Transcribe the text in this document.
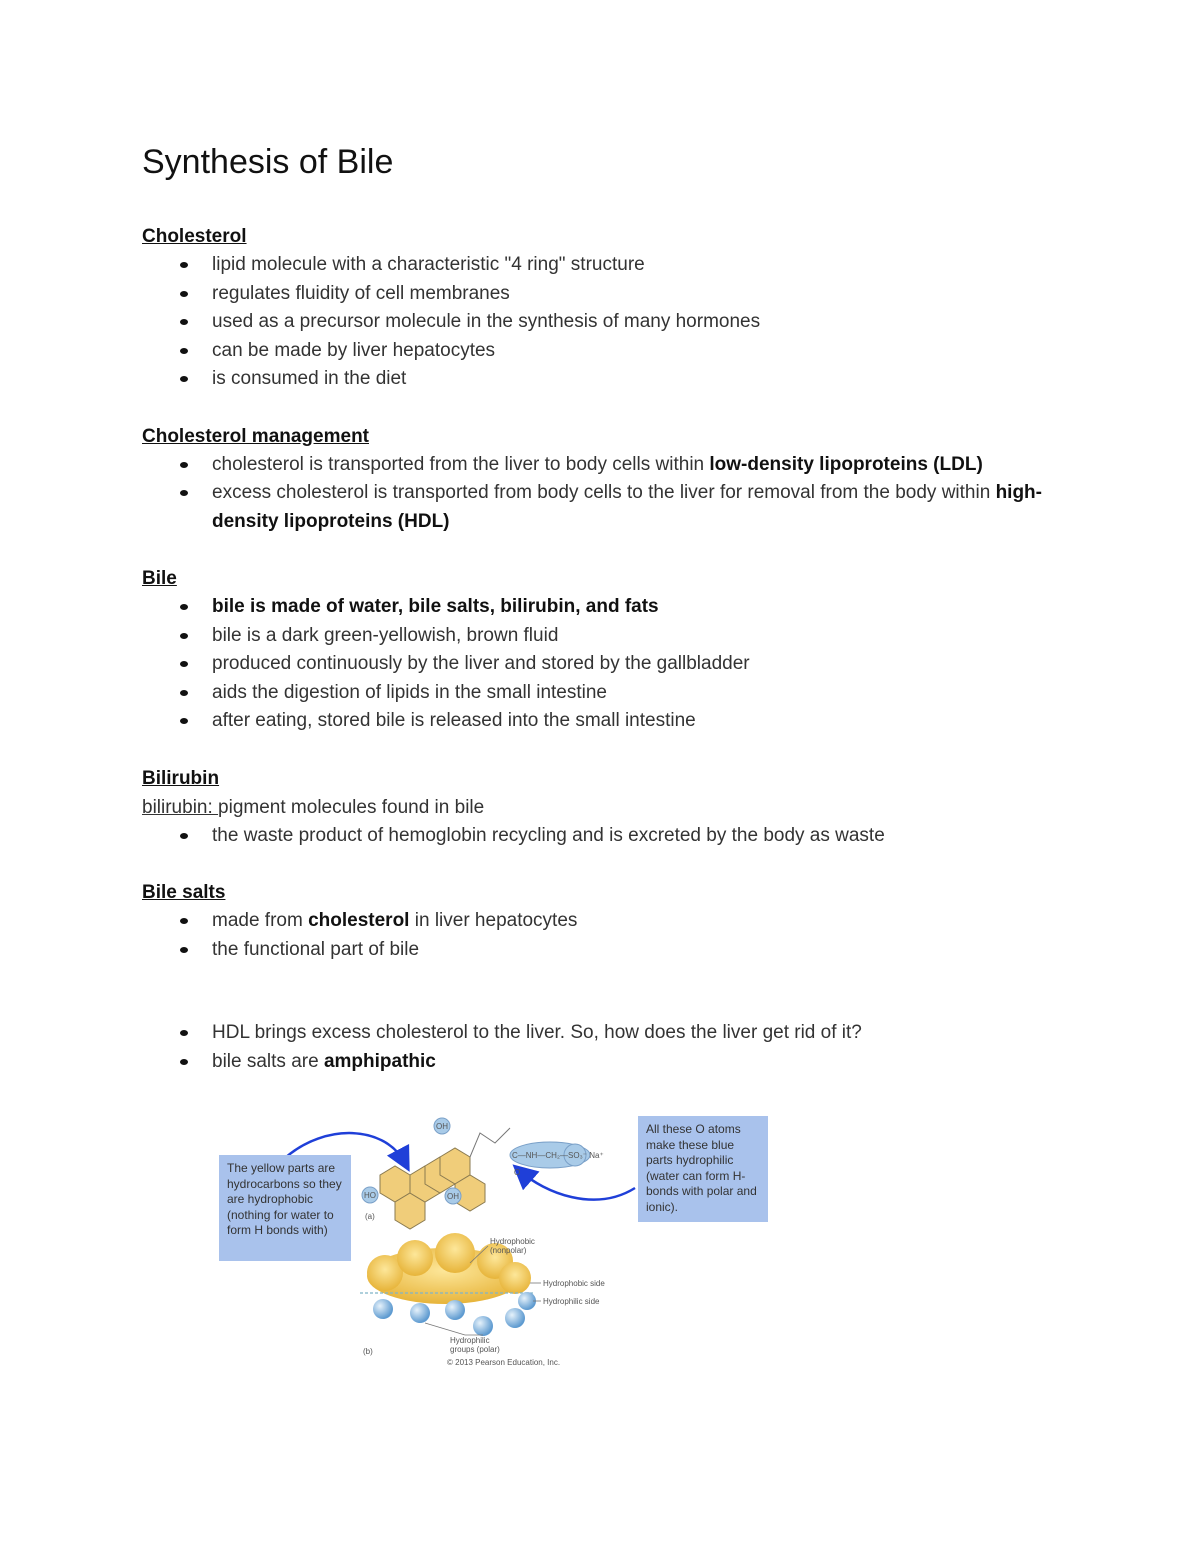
Synthesis of Bile

Cholesterol

lipid molecule with a characteristic "4 ring" structure
regulates fluidity of cell membranes
used as a precursor molecule in the synthesis of many hormones
can be made by liver hepatocytes
is consumed in the diet

Cholesterol management

cholesterol is transported from the liver to body cells within low-density lipoproteins (LDL)
excess cholesterol is transported from body cells to the liver for removal from the body within high-density lipoproteins (HDL)

Bile

bile is made of water, bile salts, bilirubin, and fats
bile is a dark green-yellowish, brown fluid
produced continuously by the liver and stored by the gallbladder
aids the digestion of lipids in the small intestine
after eating, stored bile is released into the small intestine

Bilirubin

bilirubin: pigment molecules found in bile

the waste product of hemoglobin recycling and is excreted by the body as waste

Bile salts

made from cholesterol in liver hepatocytes
the functional part of bile
HDL brings excess cholesterol to the liver. So, how does the liver get rid of it?
bile salts are amphipathic
OH
HO	OH
C—NH—CH₂—SO₃⁻ Na⁺
O
(a)
Hydrophobic
(nonpolar)
Hydrophobic side
Hydrophilic side
Hydrophilic
groups (polar)
(b)
© 2013 Pearson Education, Inc.
The yellow parts are hydrocarbons so they are hydrophobic (nothing for water to form H bonds with)
All these O atoms make these blue parts hydrophilic (water can form H-bonds with polar and ionic).
